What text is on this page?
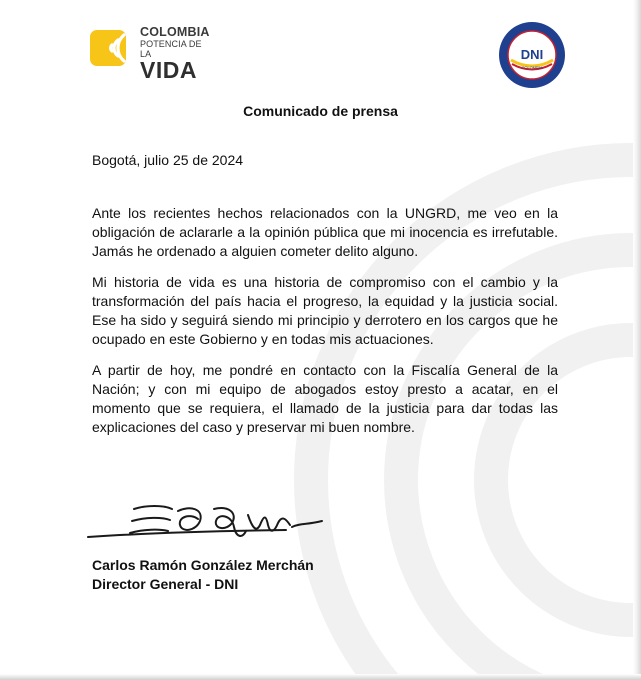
COLOMBIA
POTENCIA DE LA
VIDA
DNI
COLOMBIA
Comunicado de prensa
Bogotá, julio 25 de 2024

Ante los recientes hechos relacionados con la UNGRD, me veo en la obligación de aclararle a la opinión pública que mi inocencia es irrefutable. Jamás he ordenado a alguien cometer delito alguno.

Mi historia de vida es una historia de compromiso con el cambio y la transformación del país hacia el progreso, la equidad y la justicia social. Ese ha sido y seguirá siendo mi principio y derrotero en los cargos que he ocupado en este Gobierno y en todas mis actuaciones.

A partir de hoy, me pondré en contacto con la Fiscalía General de la Nación; y con mi equipo de abogados estoy presto a acatar, en el momento que se requiera, el llamado de la justicia para dar todas las explicaciones del caso y preservar mi buen nombre.

Carlos Ramón González Merchán
Director General - DNI
